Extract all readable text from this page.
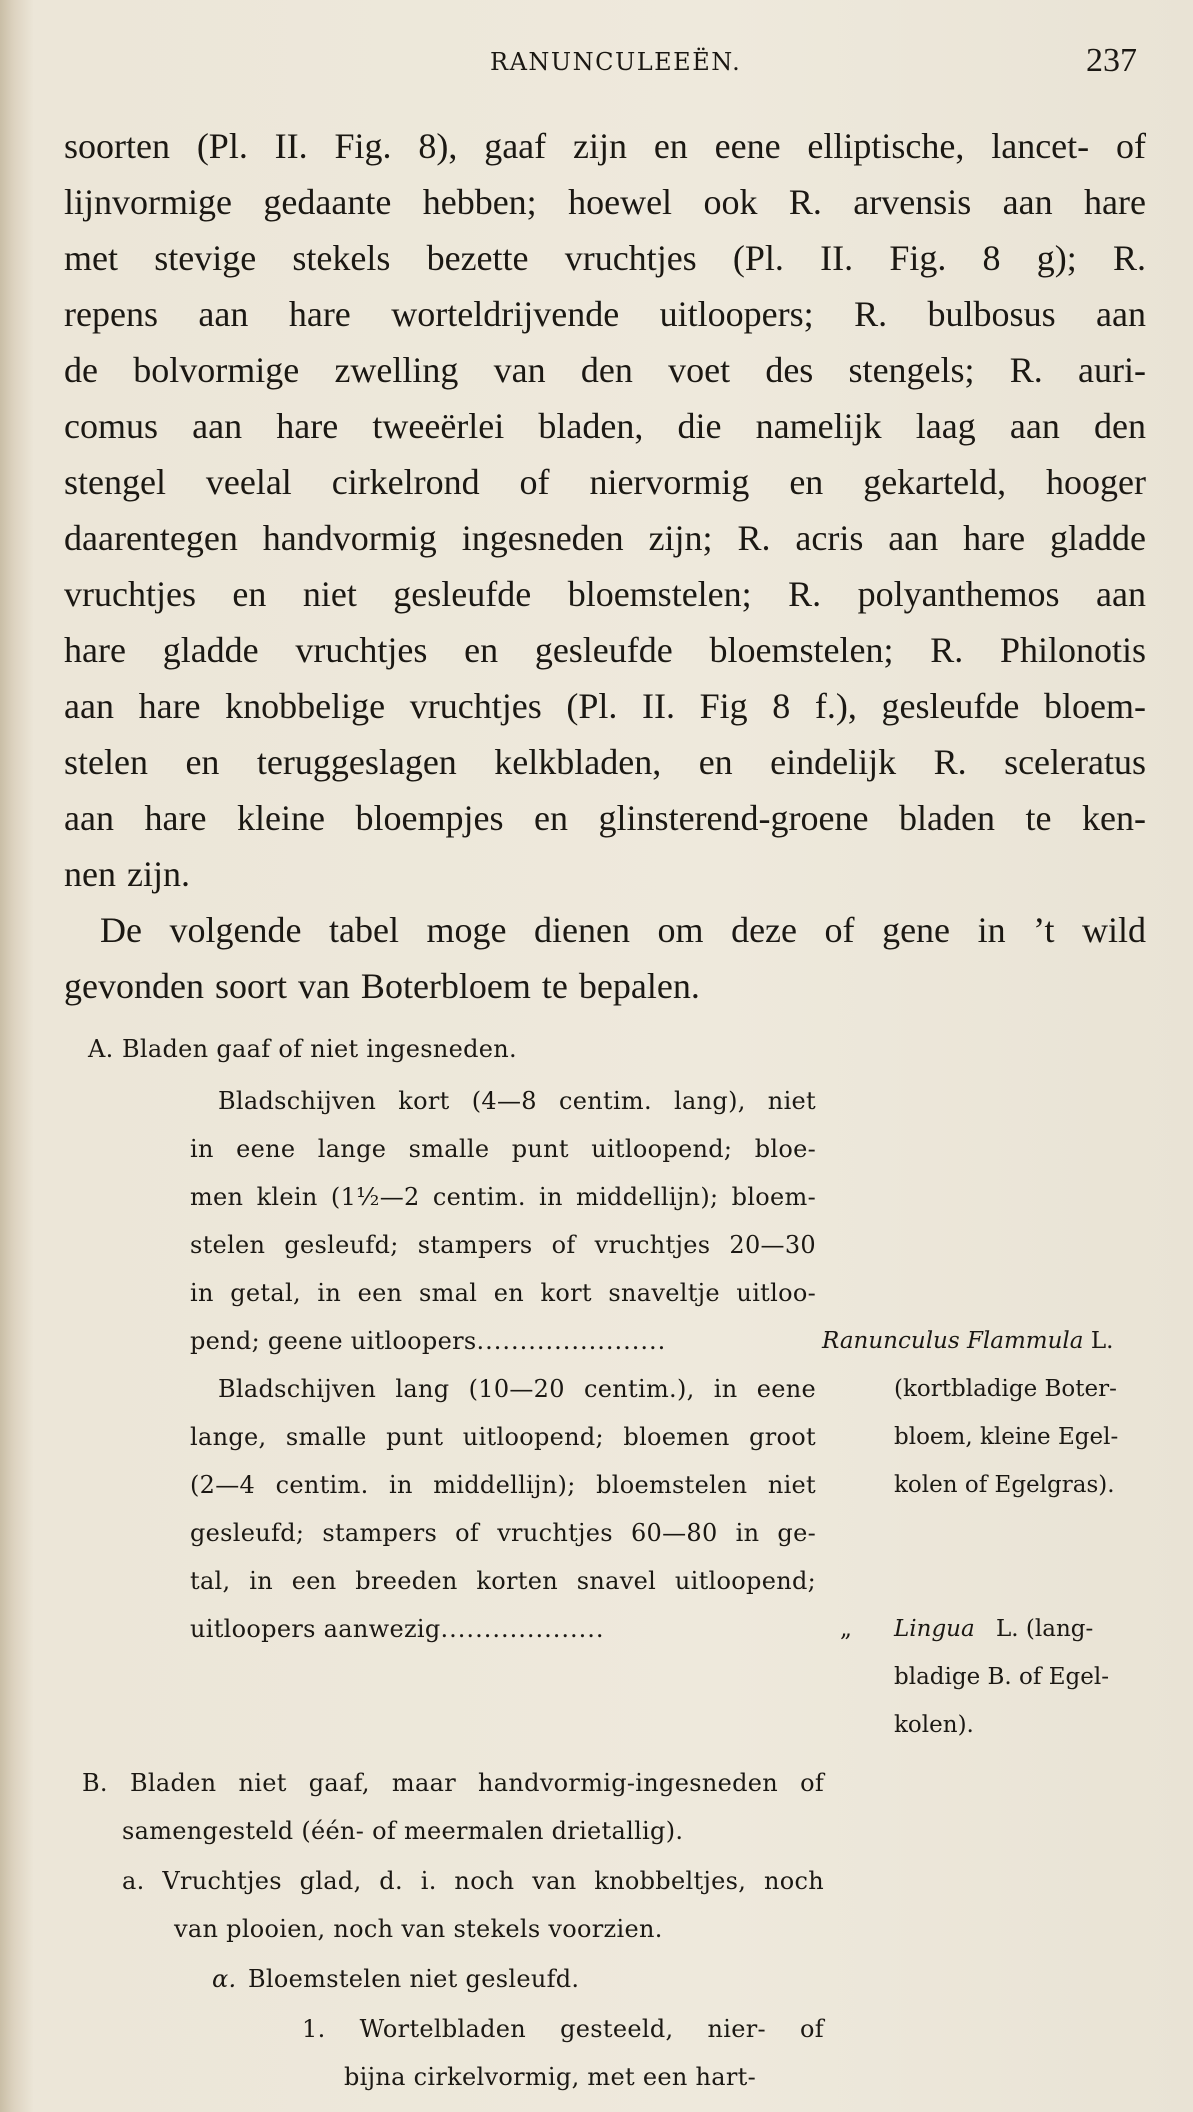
RANUNCULEEËN.	237
soorten (Pl. II. Fig. 8), gaaf zijn en eene elliptische, lancet- of
lijnvormige gedaante hebben; hoewel ook R. arvensis aan hare
met stevige stekels bezette vruchtjes (Pl. II. Fig. 8 g); R.
repens aan hare worteldrijvende uitloopers; R. bulbosus aan
de bolvormige zwelling van den voet des stengels; R. auri-
comus aan hare tweeërlei bladen, die namelijk laag aan den
stengel veelal cirkelrond of niervormig en gekarteld, hooger
daarentegen handvormig ingesneden zijn; R. acris aan hare gladde
vruchtjes en niet gesleufde bloemstelen; R. polyanthemos aan
hare gladde vruchtjes en gesleufde bloemstelen; R. Philonotis
aan hare knobbelige vruchtjes (Pl. II. Fig 8 f.), gesleufde bloem-
stelen en teruggeslagen kelkbladen, en eindelijk R. sceleratus
aan hare kleine bloempjes en glinsterend-groene bladen te ken-
nen zijn.
De volgende tabel moge dienen om deze of gene in ’t wild
gevonden soort van Boterbloem te bepalen.
A. Bladen gaaf of niet ingesneden.
Bladschijven kort (4—8 centim. lang), niet
in eene lange smalle punt uitloopend; bloe-
men klein (1½—2 centim. in middellijn); bloem-
stelen gesleufd; stampers of vruchtjes 20—30
in getal, in een smal en kort snaveltje uitloo-
pend; geene uitloopers......................	Ranunculus Flammula L.
(kortbladige Boter-
bloem, kleine Egel-
kolen of Egelgras).
Bladschijven lang (10—20 centim.), in eene
lange, smalle punt uitloopend; bloemen groot
(2—4 centim. in middellijn); bloemstelen niet
gesleufd; stampers of vruchtjes 60—80 in ge-
tal, in een breeden korten snavel uitloopend;
uitloopers aanwezig...................	„ Lingua L. (lang-
bladige B. of Egel-
kolen).
B. Bladen niet gaaf, maar handvormig-ingesneden of
samengesteld (één- of meermalen drietallig).
a. Vruchtjes glad, d. i. noch van knobbeltjes, noch
van plooien, noch van stekels voorzien.
α. Bloemstelen niet gesleufd.
1. Wortelbladen gesteeld, nier- of
bijna cirkelvormig, met een hart-
